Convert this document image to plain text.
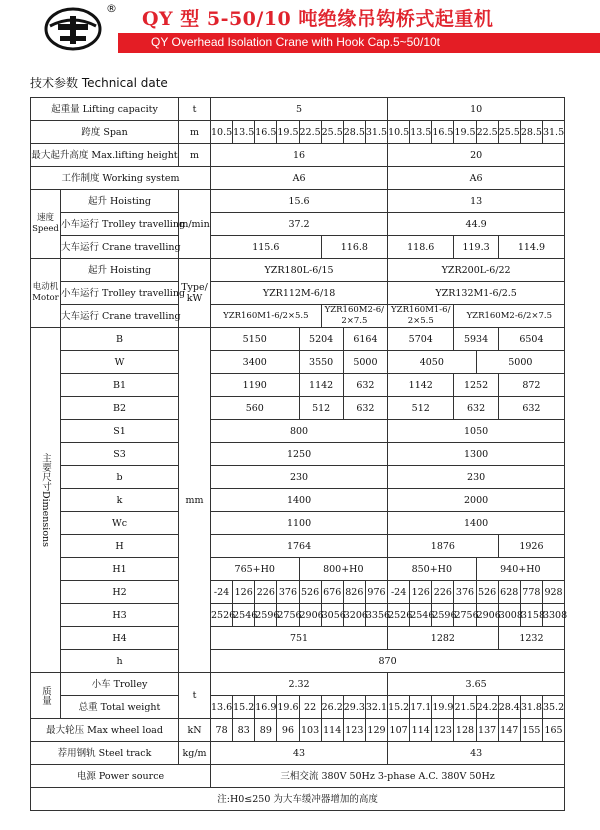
® QY 型 5-50/10 吨绝缘吊钩桥式起重机
QY Overhead Isolation Crane with Hook Cap.5~50/10t
技术参数 Technical date
起重量 Lifting capacity		t	5								10							
跨度 Span		m	10.5	13.5	16.5	19.5	22.5	25.5	28.5	31.5	10.5	13.5	16.5	19.5	22.5	25.5	28.5	31.5
最大起升高度 Max.lifting height		m	16								20							
工作制度 Working system			A6								A6							
速度 Speed	起升 Hoisting	m/min	15.6								13							
	小车运行 Trolley travelling		37.2								44.9							
	大车运行 Crane travelling		115.6					116.8			118.6			119.3		114.9		
电动机 Motor	起升 Hoisting	Type/ kW	YZR180L-6/15								YZR200L-6/22							
	小车运行 Trolley travelling		YZR112M-6/18								YZR132M1-6/2.5							
	大车运行 Crane travelling		YZR160M1-6/2×5.5					YZR160M2-6/ 2×7.5			YZR160M1-6/ 2×5.5			YZR160M2-6/2×7.5				
主要尺寸Dimensions	B	mm	5150				5204		6164		5704			5934		6504		
	W		3400				3550		5000		4050				5000			
	B1		1190				1142		632		1142			1252		872		
	B2		560				512		632		512			632		632		
	S1		800								1050							
	S3		1250								1300							
	b		230								230							
	k		1400								2000							
	Wc		1100								1400							
	H		1764								1876					1926		
	H1		765+H0				800+H0				850+H0				940+H0			
	H2		-24	126	226	376	526	676	826	976	-24	126	226	376	526	628	778	928
	H3		2526	2546	2596	2756	2906	3056	3206	3356	2526	2546	2596	2756	2906	3008	3158	3308
	H4		751								1282					1232		
	h		870															
质量	小车 Trolley	t	2.32								3.65							
	总重 Total weight		13.6	15.2	16.9	19.6	22	26.2	29.3	32.1	15.2	17.1	19.9	21.5	24.2	28.4	31.8	35.2
最大轮压 Max wheel load		kN	78	83	89	96	103	114	123	129	107	114	123	128	137	147	155	165
荐用钢轨 Steel track		kg/m	43								43							
电源 Power source			三相交流 380V 50Hz 3-phase A.C. 380V 50Hz															
注:H0≤250 为大车缓冲器增加的高度																		
